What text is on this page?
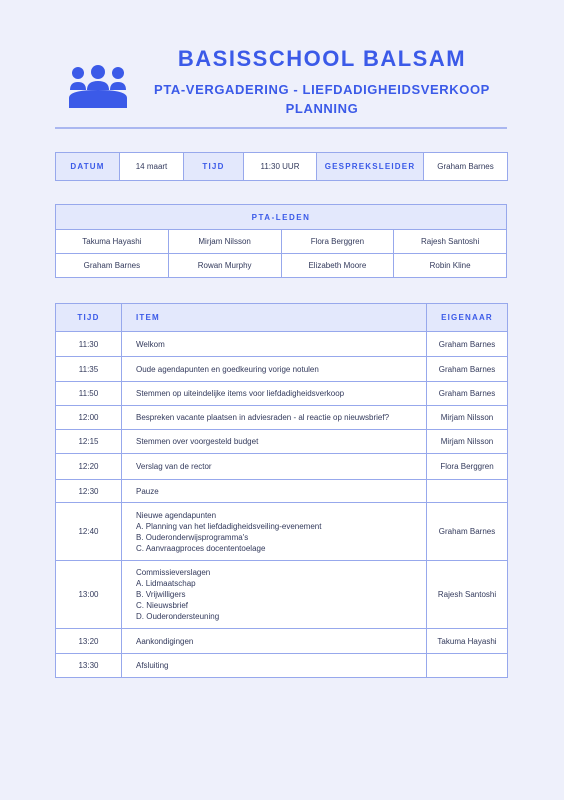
BASISSCHOOL BALSAM
PTA-VERGADERING - LIEFDADIGHEIDSVERKOOP
PLANNING
DATUM	14 maart	TIJD	11:30 UUR	GESPREKSLEIDER	Graham Barnes
PTA-LEDEN			
Takuma Hayashi	Mirjam Nilsson	Flora Berggren	Rajesh Santoshi
Graham Barnes	Rowan Murphy	Elizabeth Moore	Robin Kline
TIJD	ITEM	EIGENAAR
11:30	Welkom	Graham Barnes
11:35	Oude agendapunten en goedkeuring vorige notulen	Graham Barnes
11:50	Stemmen op uiteindelijke items voor liefdadigheidsverkoop	Graham Barnes
12:00	Bespreken vacante plaatsen in adviesraden - al reactie op nieuwsbrief?	Mirjam Nilsson
12:15	Stemmen over voorgesteld budget	Mirjam Nilsson
12:20	Verslag van de rector	Flora Berggren
12:30	Pauze	
12:40	Nieuwe agendapunten
A. Planning van het liefdadigheidsveiling-evenement
B. Ouderonderwijsprogramma's
C. Aanvraagproces docententoelage	Graham Barnes
13:00	Commissieverslagen
A. Lidmaatschap
B. Vrijwilligers
C. Nieuwsbrief
D. Ouderondersteuning	Rajesh Santoshi
13:20	Aankondigingen	Takuma Hayashi
13:30	Afsluiting	
